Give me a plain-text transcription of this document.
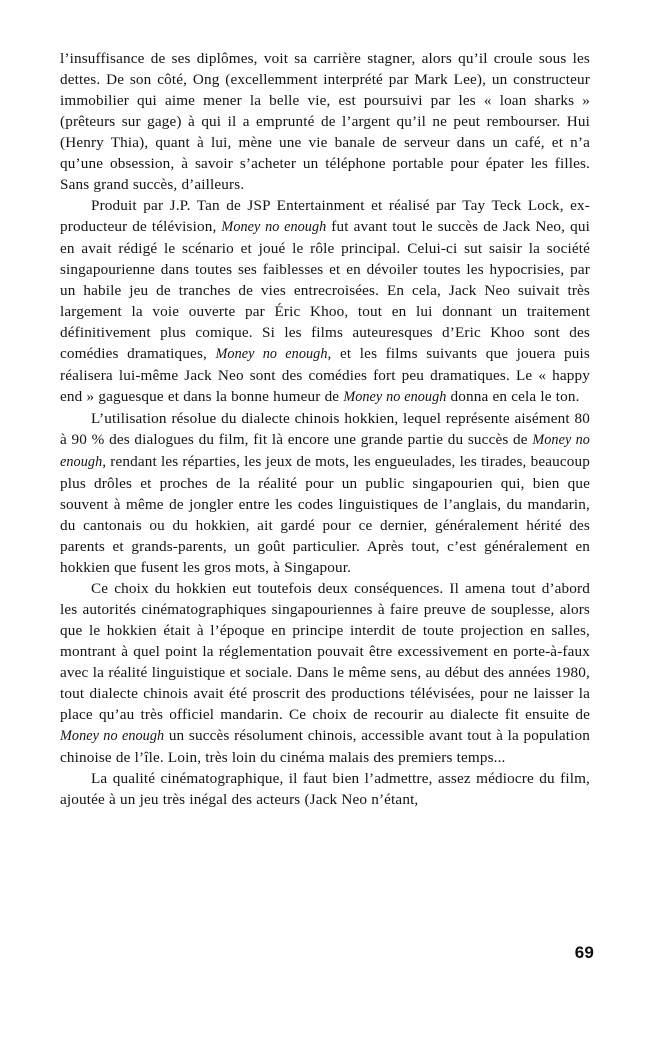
l’insuffisance de ses diplômes, voit sa carrière stagner, alors qu’il croule sous les dettes. De son côté, Ong (excellemment interprété par Mark Lee), un constructeur immobilier qui aime mener la belle vie, est poursuivi par les « loan sharks » (prêteurs sur gage) à qui il a emprunté de l’argent qu’il ne peut rembourser. Hui (Henry Thia), quant à lui, mène une vie banale de serveur dans un café, et n’a qu’une obsession, à savoir s’acheter un téléphone portable pour épater les filles. Sans grand succès, d’ailleurs.

Produit par J.P. Tan de JSP Entertainment et réalisé par Tay Teck Lock, ex-producteur de télévision, Money no enough fut avant tout le succès de Jack Neo, qui en avait rédigé le scénario et joué le rôle principal. Celui-ci sut saisir la société singapourienne dans toutes ses faiblesses et en dévoiler toutes les hypocrisies, par un habile jeu de tranches de vies entrecroisées. En cela, Jack Neo suivait très largement la voie ouverte par Éric Khoo, tout en lui donnant un traitement définitivement plus comique. Si les films auteuresques d’Eric Khoo sont des comédies dramatiques, Money no enough, et les films suivants que jouera puis réalisera lui-même Jack Neo sont des comédies fort peu dramatiques. Le « happy end » gaguesque et dans la bonne humeur de Money no enough donna en cela le ton.

L’utilisation résolue du dialecte chinois hokkien, lequel représente aisément 80 à 90 % des dialogues du film, fit là encore une grande partie du succès de Money no enough, rendant les réparties, les jeux de mots, les engueulades, les tirades, beaucoup plus drôles et proches de la réalité pour un public singapourien qui, bien que souvent à même de jongler entre les codes linguistiques de l’anglais, du mandarin, du cantonais ou du hokkien, ait gardé pour ce dernier, généralement hérité des parents et grands-parents, un goût particulier. Après tout, c’est généralement en hokkien que fusent les gros mots, à Singapour.

Ce choix du hokkien eut toutefois deux conséquences. Il amena tout d’abord les autorités cinématographiques singapouriennes à faire preuve de souplesse, alors que le hokkien était à l’époque en principe interdit de toute projection en salles, montrant à quel point la réglementation pouvait être excessivement en porte-à-faux avec la réalité linguistique et sociale. Dans le même sens, au début des années 1980, tout dialecte chinois avait été proscrit des productions télévisées, pour ne laisser la place qu’au très officiel mandarin. Ce choix de recourir au dialecte fit ensuite de Money no enough un succès résolument chinois, accessible avant tout à la population chinoise de l’île. Loin, très loin du cinéma malais des premiers temps...

La qualité cinématographique, il faut bien l’admettre, assez médiocre du film, ajoutée à un jeu très inégal des acteurs (Jack Neo n’étant,

69
